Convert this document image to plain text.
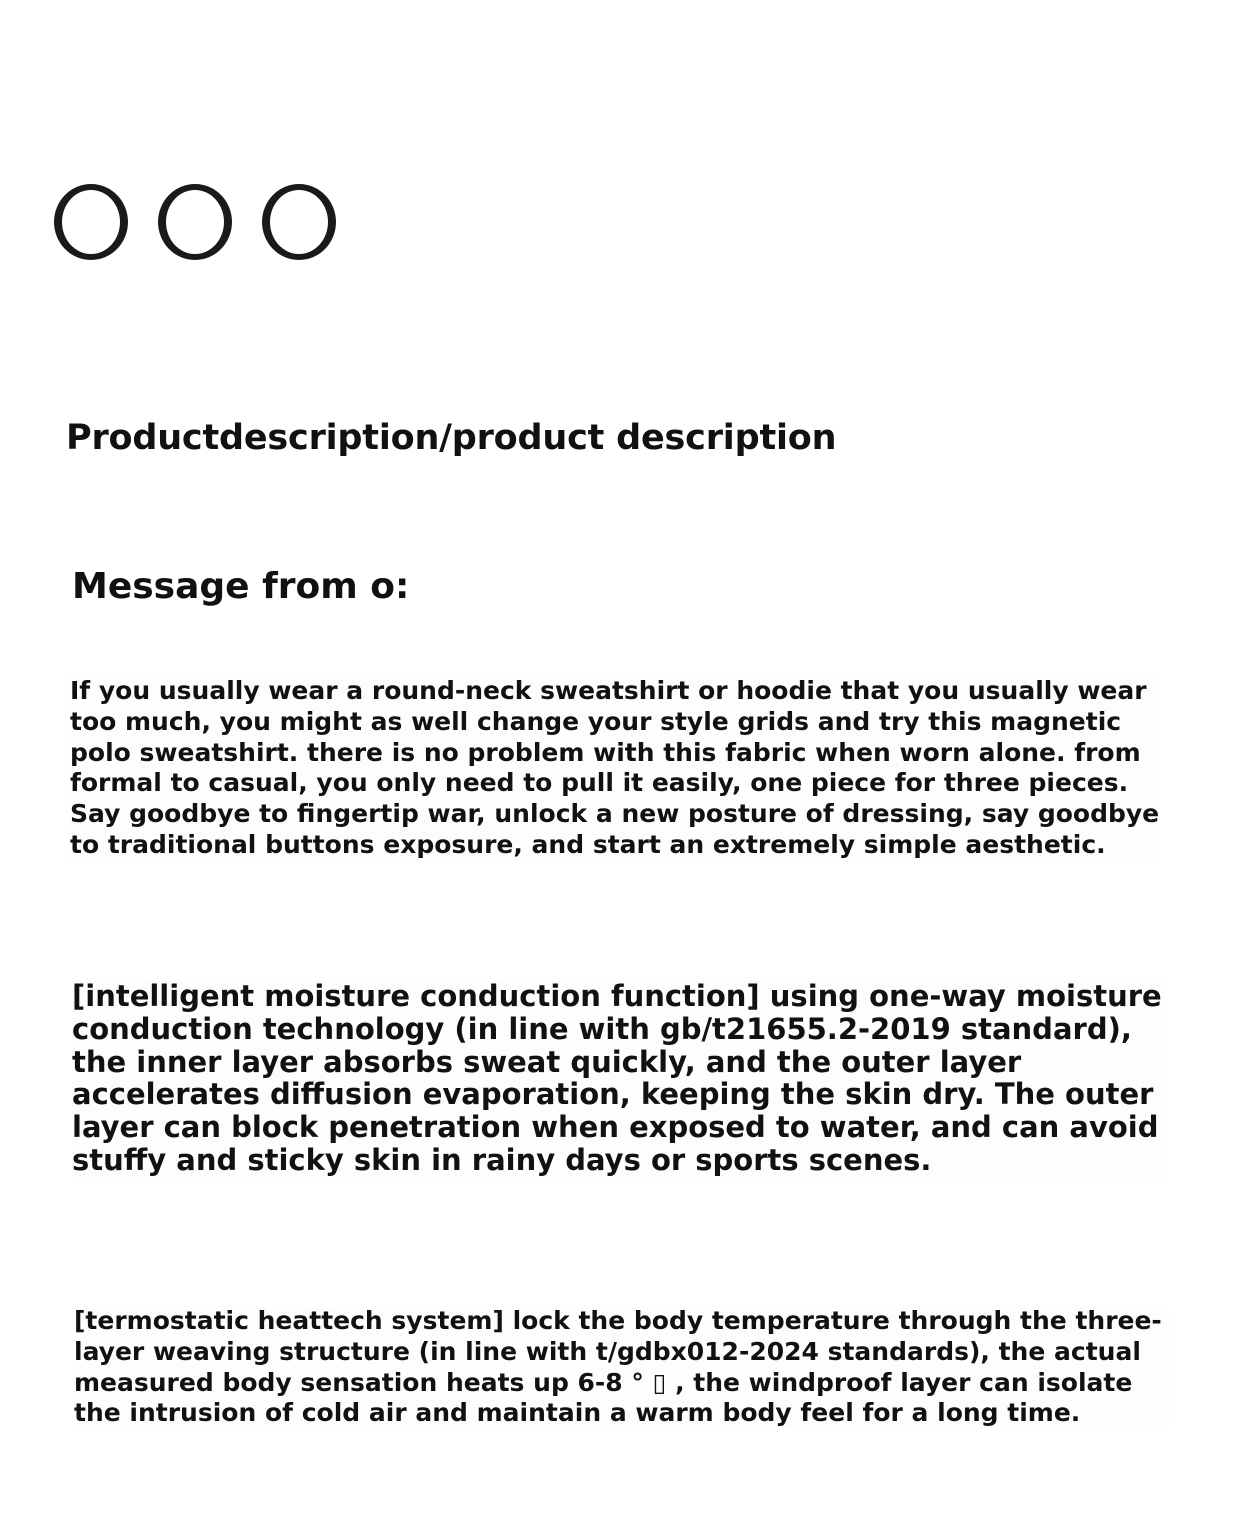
Productdescription/product description
Message from o:

If you usually wear a round-neck sweatshirt or hoodie that you usually wear too much, you might as well change your style grids and try this magnetic polo sweatshirt. there is no problem with this fabric when worn alone. from formal to casual, you only need to pull it easily, one piece for three pieces. Say goodbye to fingertip war, unlock a new posture of dressing, say goodbye to traditional buttons exposure, and start an extremely simple aesthetic.

[intelligent moisture conduction function] using one-way moisture conduction technology (in line with gb/t21655.2-2019 standard), the inner layer absorbs sweat quickly, and the outer layer accelerates diffusion evaporation, keeping the skin dry. The outer layer can block penetration when exposed to water, and can avoid stuffy and sticky skin in rainy days or sports scenes.

[termostatic heattech system] lock the body temperature through the three-layer weaving structure (in line with t/gdbx012-2024 standards), the actual measured body sensation heats up 6-8 ° ▯ , the windproof layer can isolate the intrusion of cold air and maintain a warm body feel for a long time.
